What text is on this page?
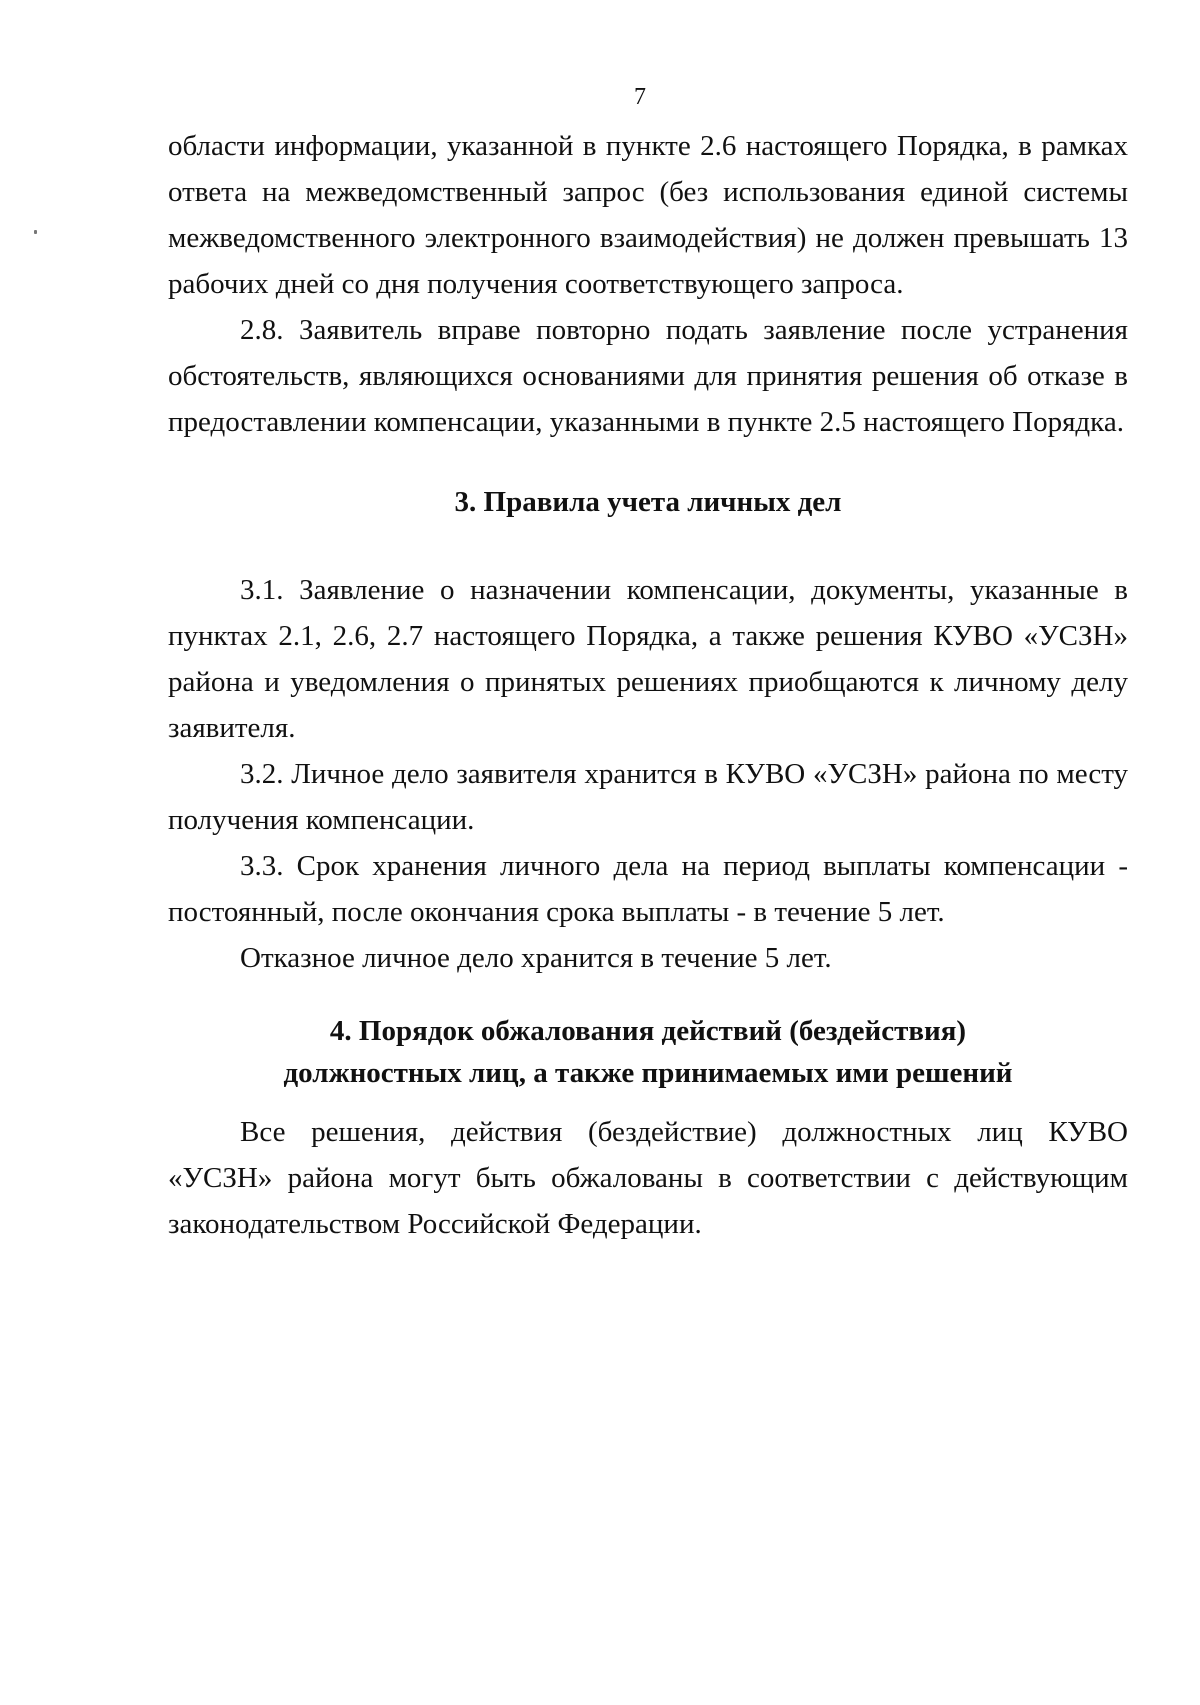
7

области информации, указанной в пункте 2.6 настоящего Порядка, в рамках ответа на межведомственный запрос (без использования единой системы межведомственного электронного взаимодействия) не должен превышать 13 рабочих дней со дня получения соответствующего запроса.

2.8. Заявитель вправе повторно подать заявление после устранения обстоятельств, являющихся основаниями для принятия решения об отказе в предоставлении компенсации, указанными в пункте 2.5 настоящего Порядка.

3. Правила учета личных дел

3.1. Заявление о назначении компенсации, документы, указанные в пунктах 2.1, 2.6, 2.7 настоящего Порядка, а также решения КУВО «УСЗН» района и уведомления о принятых решениях приобщаются к личному делу заявителя.

3.2. Личное дело заявителя хранится в КУВО «УСЗН» района по месту получения компенсации.

3.3. Срок хранения личного дела на период выплаты компенсации - постоянный, после окончания срока выплаты - в течение 5 лет.

Отказное личное дело хранится в течение 5 лет.

4. Порядок обжалования действий (бездействия)
должностных лиц, а также принимаемых ими решений

Все решения, действия (бездействие) должностных лиц КУВО «УСЗН» района могут быть обжалованы в соответствии с действующим законодательством Российской Федерации.
